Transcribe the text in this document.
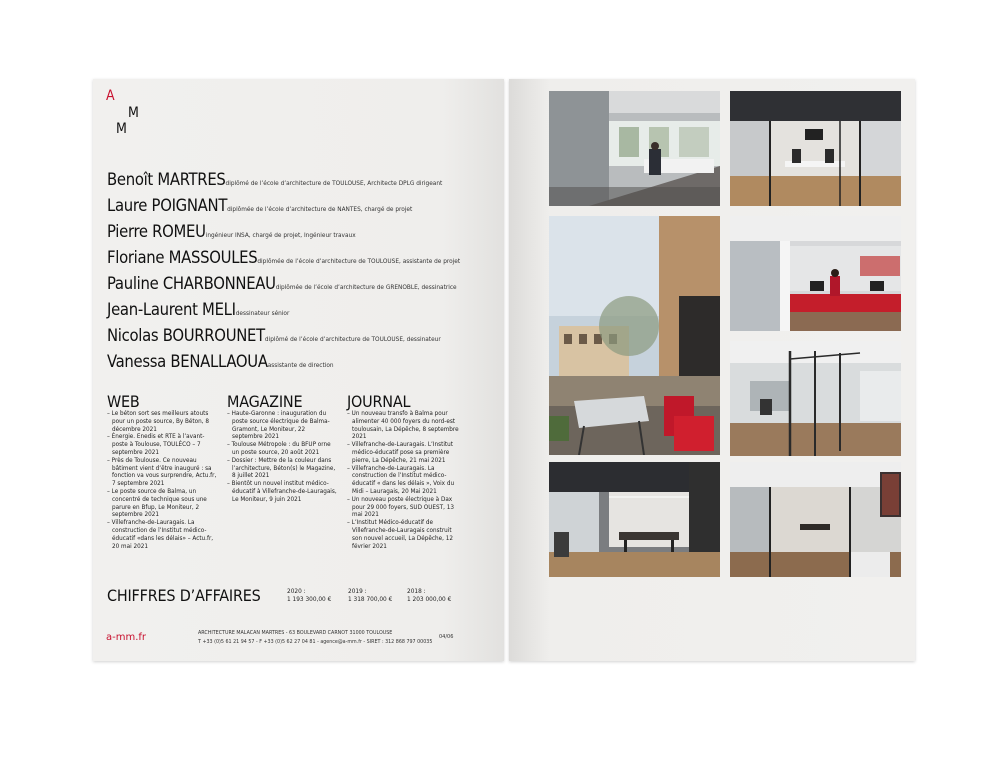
A
M
M
Benoît MARTRESdiplômé de l’école d’architecture de TOULOUSE, Architecte DPLG dirigeant
Laure POIGNANTdiplômée de l’école d’architecture de NANTES, chargé de projet
Pierre ROMEUingénieur INSA, chargé de projet, Ingénieur travaux
Floriane MASSOULESdiplômée de l’école d’architecture de TOULOUSE, assistante de projet
Pauline CHARBONNEAUdiplômée de l’école d’architecture de GRENOBLE, dessinatrice
Jean-Laurent MELIdessinateur sénior
Nicolas BOURROUNETdiplômé de l’école d’architecture de TOULOUSE, dessinateur
Vanessa BENALLAOUAassistante de direction
WEB
– Le béton sort ses meilleurs atouts pour un poste source, By Béton, 8 décembre 2021
– Énergie. Enedis et RTE à l’avant-poste à Toulouse, TOULÉCO – 7 septembre 2021
– Près de Toulouse. Ce nouveau bâtiment vient d’être inauguré : sa fonction va vous surprendre, Actu.fr, 7 septembre 2021
– Le poste source de Balma, un concentré de technique sous une parure en Bfup, Le Moniteur, 2 septembre 2021
– Villefranche-de-Lauragais. La construction de l’Institut médico-éducatif «dans les délais» – Actu.fr, 20 mai 2021
MAGAZINE
– Haute-Garonne : inauguration du poste source électrique de Balma-Gramont, Le Moniteur, 22 septembre 2021
– Toulouse Métropole : du BFUP orne un poste source, 20 août 2021
– Dossier : Mettre de la couleur dans l’architecture, Béton(s) le Magazine, 8 juillet 2021
– Bientôt un nouvel institut médico-éducatif à Villefranche-de-Lauragais, Le Moniteur, 9 juin 2021
JOURNAL
– Un nouveau transfo à Balma pour alimenter 40 000 foyers du nord-est toulousain, La Dépêche, 8 septembre 2021
– Villefranche-de-Lauragais. L’Institut médico-éducatif pose sa première pierre, La Dépêche, 21 mai 2021
– Villefranche-de-Lauragais. La construction de l’Institut médico-éducatif « dans les délais », Voix du Midi – Lauragais, 20 Mai 2021
– Un nouveau poste électrique à Dax pour 29 000 foyers, SUD OUEST, 13 mai 2021
– L’Institut Médico-éducatif de Villefranche-de-Lauragais construit son nouvel accueil, La Dépêche, 12 février 2021
CHIFFRES D’AFFAIRES	2020 :
1 193 300,00 €
2019 :
1 318 700,00 €
2018 :
1 203 000,00 €
a-mm.fr	ARCHITECTURE MALACAN MARTRES - 63 BOULEVARD CARNOT 31000 TOULOUSE
T +33 (0)5 61 21 94 57 - F +33 (0)5 62 27 04 81 - agence@a-mm.fr - SIRET : 312 868 797 00035
04/06
